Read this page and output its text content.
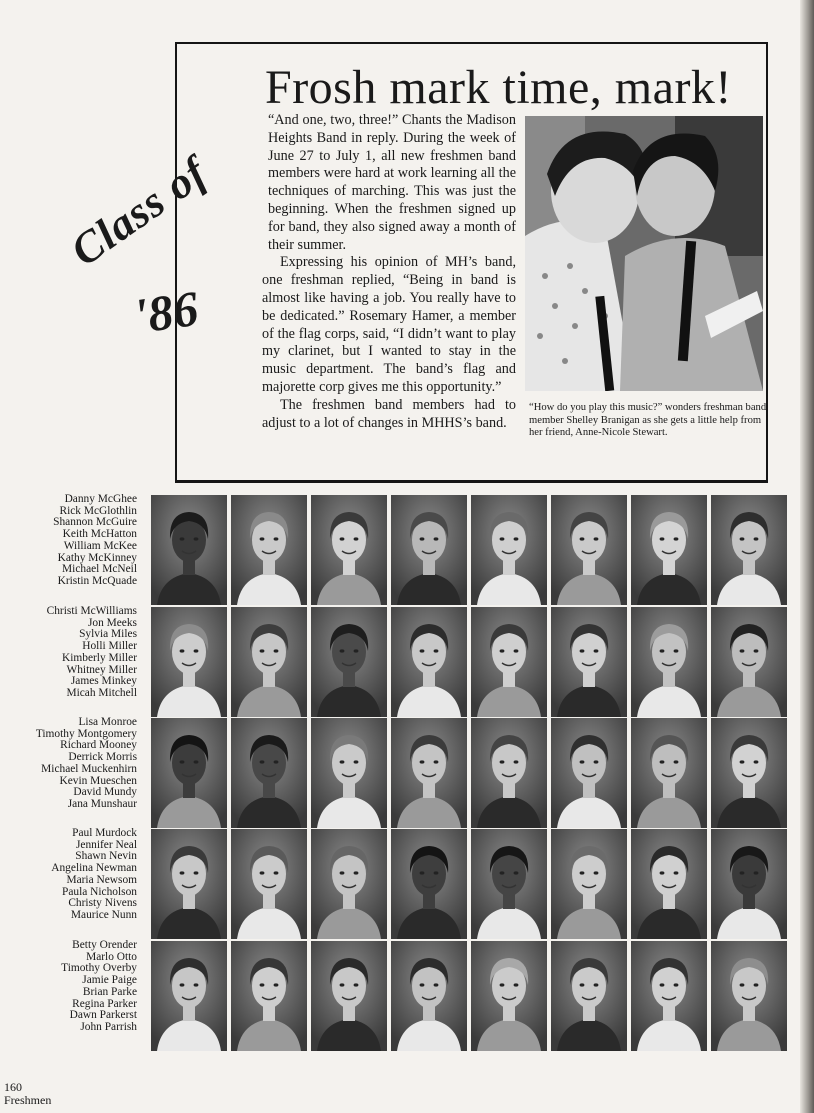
Frosh mark time, mark!
Class of
'86

“And one, two, three!” Chants the Madison Heights Band in reply. During the week of June 27 to July 1, all new freshmen band members were hard at work learning all the techniques of marching. This was just the beginning. When the freshmen signed up for band, they also signed away a month of their summer.

Expressing his opinion of MH’s band, one freshman replied, “Being in band is almost like having a job. You really have to be dedicated.” Rosemary Hamer, a member of the flag corps, said, “I didn’t want to play my clarinet, but I wanted to stay in the music department. The band’s flag and majorette corp gives me this opportunity.”

The freshmen band members had to adjust to a lot of changes in MHHS’s band.

“How do you play this music?” wonders freshman band member Shelley Branigan as she gets a little help from her friend, Anne-Nicole Stewart.
Danny McGhee
Rick McGlothlin
Shannon McGuire
Keith McHatton
William McKee
Kathy McKinney
Michael McNeil
Kristin McQuade
Christi McWilliams
Jon Meeks
Sylvia Miles
Holli Miller
Kimberly Miller
Whitney Miller
James Minkey
Micah Mitchell
Lisa Monroe
Timothy Montgomery
Richard Mooney
Derrick Morris
Michael Muckenhirn
Kevin Mueschen
David Mundy
Jana Munshaur
Paul Murdock
Jennifer Neal
Shawn Nevin
Angelina Newman
Maria Newsom
Paula Nicholson
Christy Nivens
Maurice Nunn
Betty Orender
Marlo Otto
Timothy Overby
Jamie Paige
Brian Parke
Regina Parker
Dawn Parkerst
John Parrish
160
Freshmen
